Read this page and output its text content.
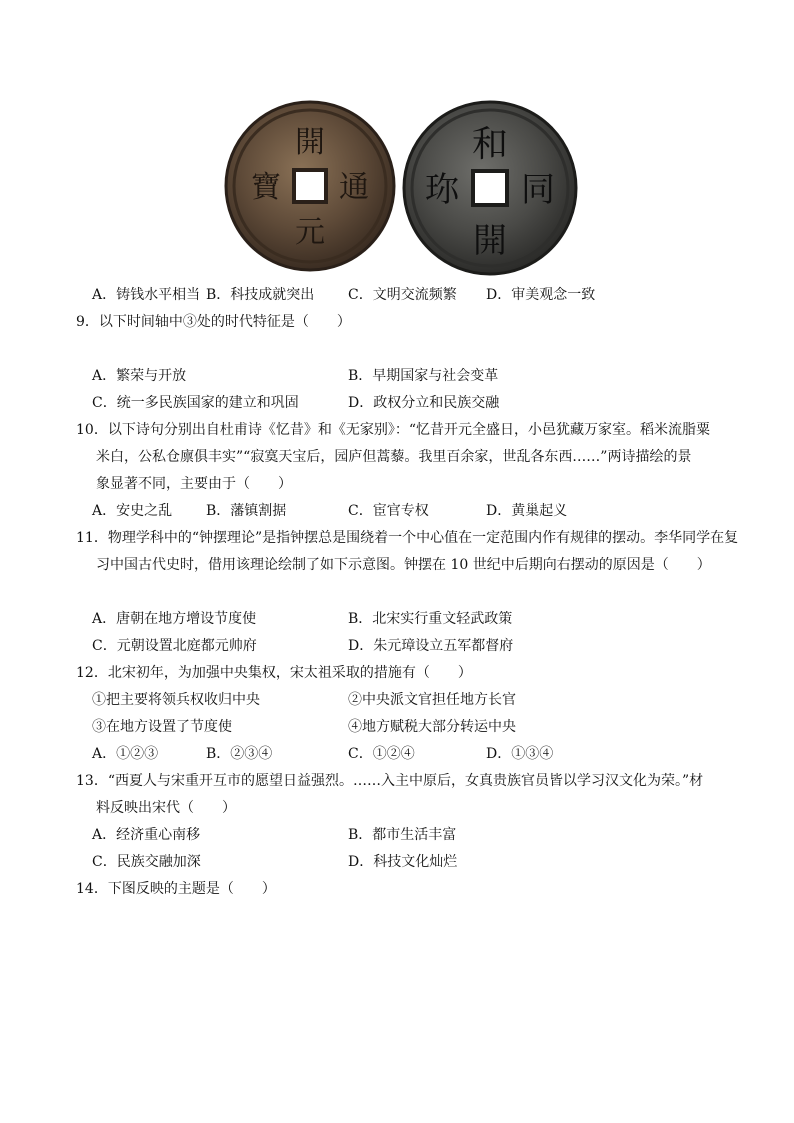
開
通
元
寶
和
同
開
珎
A．铸钱水平相当 B．科技成就突出 C．文明交流频繁 D．审美观念一致
9．以下时间轴中③处的时代特征是（　　）
A．繁荣与开放	B．早期国家与社会变革
C．统一多民族国家的建立和巩固	D．政权分立和民族交融
10．以下诗句分别出自杜甫诗《忆昔》和《无家别》：“忆昔开元全盛日，小邑犹藏万家室。稻米流脂粟
米白，公私仓廪俱丰实”“寂寞天宝后，园庐但蒿藜。我里百余家，世乱各东西……”两诗描绘的景
象显著不同，主要由于（　　）
A．安史之乱 B．藩镇割据	C．宦官专权	D．黄巢起义
11．物理学科中的“钟摆理论”是指钟摆总是围绕着一个中心值在一定范围内作有规律的摆动。李华同学在复
习中国古代史时，借用该理论绘制了如下示意图。钟摆在 10 世纪中后期向右摆动的原因是（　　）
A．唐朝在地方增设节度使	B．北宋实行重文轻武政策
C．元朝设置北庭都元帅府	D．朱元璋设立五军都督府
12．北宋初年，为加强中央集权，宋太祖采取的措施有（　　）
①把主要将领兵权收归中央	②中央派文官担任地方长官
③在地方设置了节度使	④地方赋税大部分转运中央
A．①②③	B．②③④	C．①②④	D．①③④
13．“西夏人与宋重开互市的愿望日益强烈。……入主中原后，女真贵族官员皆以学习汉文化为荣。”材
料反映出宋代（　　）
A．经济重心南移	B．都市生活丰富
C．民族交融加深	D．科技文化灿烂
14．下图反映的主题是（　　）
